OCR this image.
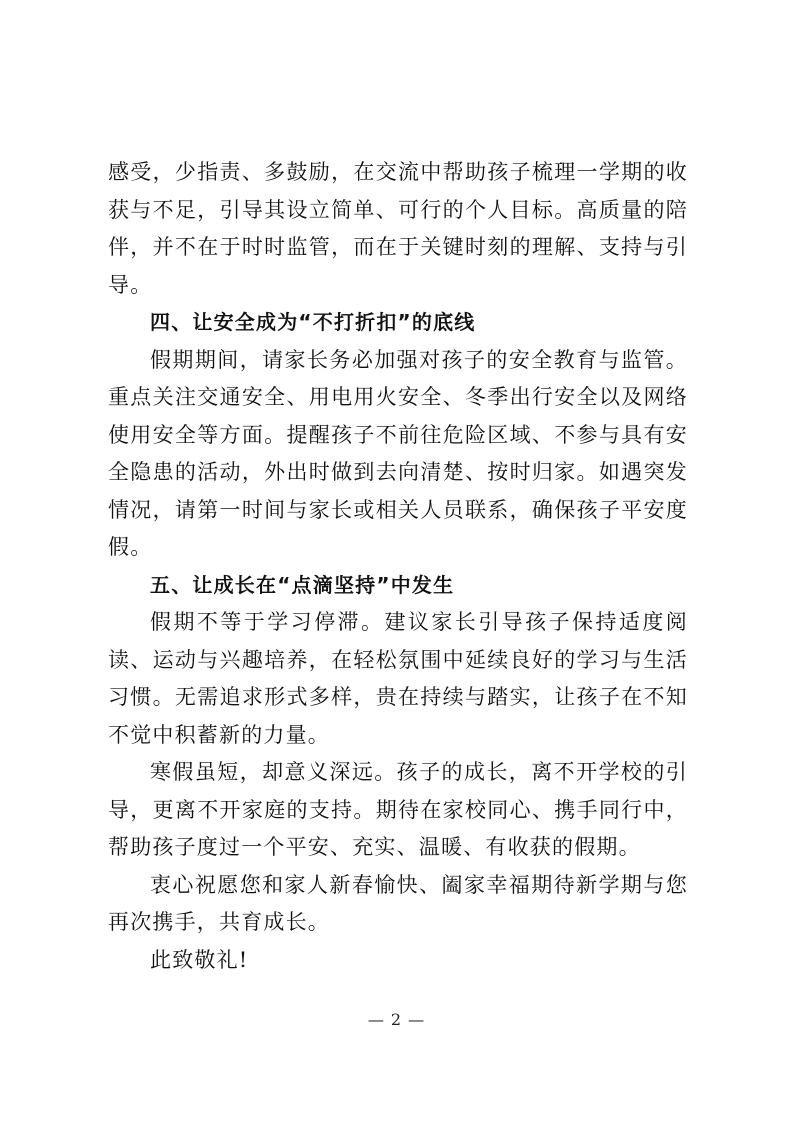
感受，少指责、多鼓励，在交流中帮助孩子梳理一学期的收获与不足，引导其设立简单、可行的个人目标。高质量的陪伴，并不在于时时监管，而在于关键时刻的理解、支持与引导。

四、让安全成为“不打折扣”的底线

假期期间，请家长务必加强对孩子的安全教育与监管。重点关注交通安全、用电用火安全、冬季出行安全以及网络使用安全等方面。提醒孩子不前往危险区域、不参与具有安全隐患的活动，外出时做到去向清楚、按时归家。如遇突发情况，请第一时间与家长或相关人员联系，确保孩子平安度假。

五、让成长在“点滴坚持”中发生

假期不等于学习停滞。建议家长引导孩子保持适度阅读、运动与兴趣培养，在轻松氛围中延续良好的学习与生活习惯。无需追求形式多样，贵在持续与踏实，让孩子在不知不觉中积蓄新的力量。

寒假虽短，却意义深远。孩子的成长，离不开学校的引导，更离不开家庭的支持。期待在家校同心、携手同行中，帮助孩子度过一个平安、充实、温暖、有收获的假期。

衷心祝愿您和家人新春愉快、阖家幸福期待新学期与您再次携手，共育成长。

此致敬礼!

— 2 —
